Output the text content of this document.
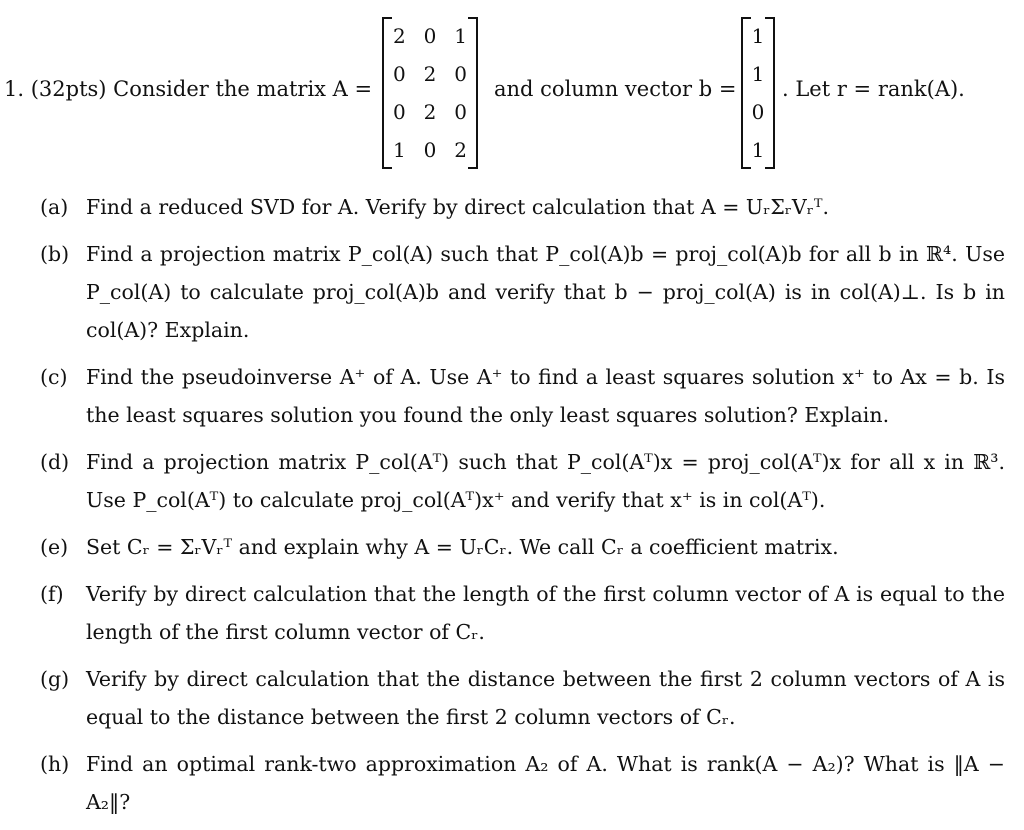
1. (32pts) Consider the matrix A =
2 0 1
0 2 0
0 2 0
1 0 2
and column vector b =
1
1
0
1
. Let r = rank(A).
(a) Find a reduced SVD for A. Verify by direct calculation that A = UᵣΣᵣVᵣᵀ.
(b) Find a projection matrix P_col(A) such that P_col(A)b = proj_col(A)b for all b in ℝ⁴. Use P_col(A) to calculate proj_col(A)b and verify that b − proj_col(A) is in col(A)⊥. Is b in col(A)? Explain.
(c) Find the pseudoinverse A⁺ of A. Use A⁺ to find a least squares solution x⁺ to Ax = b. Is the least squares solution you found the only least squares solution? Explain.
(d) Find a projection matrix P_col(Aᵀ) such that P_col(Aᵀ)x = proj_col(Aᵀ)x for all x in ℝ³. Use P_col(Aᵀ) to calculate proj_col(Aᵀ)x⁺ and verify that x⁺ is in col(Aᵀ).
(e) Set Cᵣ = ΣᵣVᵣᵀ and explain why A = UᵣCᵣ. We call Cᵣ a coefficient matrix.
(f) Verify by direct calculation that the length of the first column vector of A is equal to the length of the first column vector of Cᵣ.
(g) Verify by direct calculation that the distance between the first 2 column vectors of A is equal to the distance between the first 2 column vectors of Cᵣ.
(h) Find an optimal rank-two approximation A₂ of A. What is rank(A − A₂)? What is ‖A − A₂‖?
